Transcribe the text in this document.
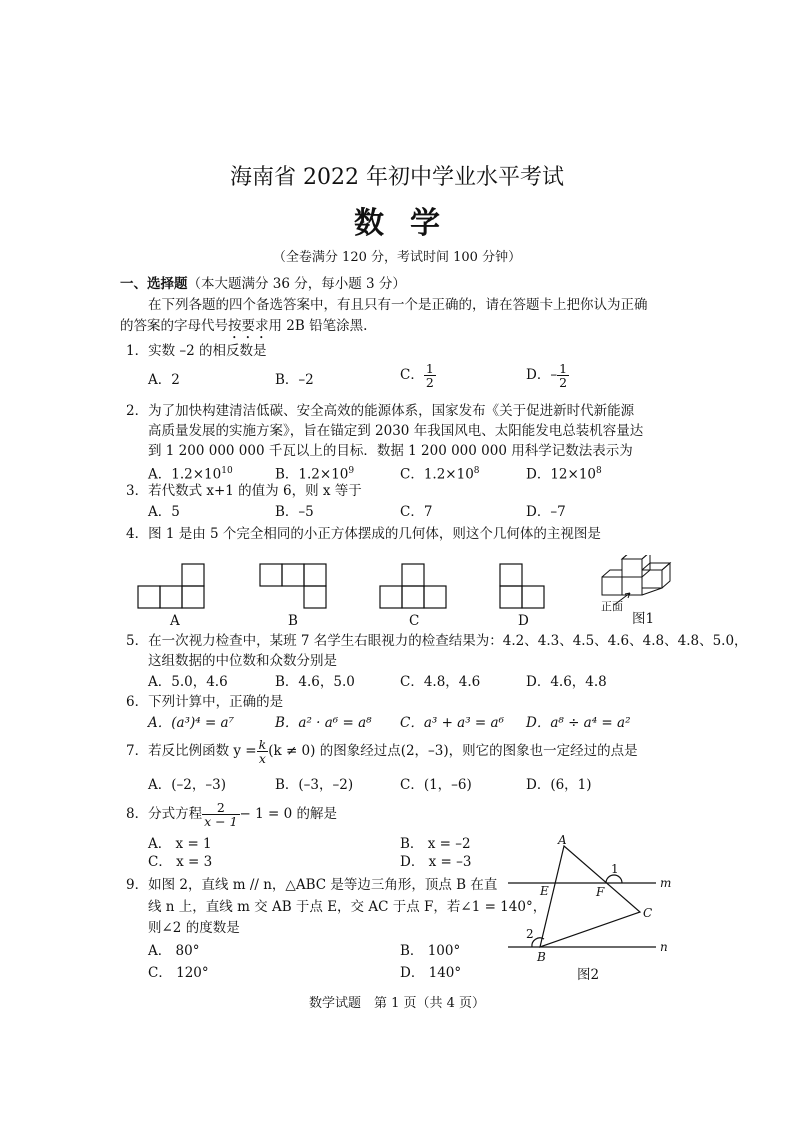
海南省 2022 年初中学业水平考试
数学
（全卷满分 120 分，考试时间 100 分钟）
一、选择题（本大题满分 36 分，每小题 3 分）
在下列各题的四个备选答案中，有且只有一个是正确的，请在答题卡上把你认为正确
的答案的字母代号按要求用 2B 铅笔涂黑.
1．实数 –2 的相反数是
A．2	B．–2	C． $\frac{1}{2}$	D．– $\frac{1}{2}$
2．为了加快构建清洁低碳、安全高效的能源体系，国家发布《关于促进新时代新能源
高质量发展的实施方案》，旨在锚定到 2030 年我国风电、太阳能发电总装机容量达
到 1 200 000 000 千瓦以上的目标．数据 1 200 000 000 用科学记数法表示为
A．$1.2\times 10^{10}$	B．$1.2\times 10^9$	C．$1.2\times 10^8$	D．$12\times 10^8$
3．若代数式 x+1 的值为 6，则 x 等于
A．5	B．–5	C．7	D．–7
4．图 1 是由 5 个完全相同的小正方体摆成的几何体，则这个几何体的主视图是
A	B	C	D
正面
图1
5．在一次视力检查中，某班 7 名学生右眼视力的检查结果为：4.2、4.3、4.5、4.6、4.8、4.8、5.0，
这组数据的中位数和众数分别是
A．5.0，4.6	B．4.6，5.0	C．4.8，4.6	D．4.6，4.8
6．下列计算中，正确的是
A．(a³)⁴ = a⁷	B．a² · a⁶ = a⁸ C．a³ + a³ = a⁶ D．a⁸ ÷ a⁴ = a²
7．若反比例函数 $y = \frac{k}{x} (k \ne 0)$ 的图象经过点(2，–3)，则它的图象也一定经过的点是
A．(–2，–3)	B．(–3，–2)	C．(1，–6)	D．(6，1)
8．分式方程 $\frac{2}{x - 1} - 1 = 0$ 的解是
A． x = 1	B． x = –2
C． x = 3	D． x = –3
9．如图 2，直线 m // n，△ABC 是等边三角形，顶点 B 在直
线 n 上，直线 m 交 AB 于点 E，交 AC 于点 F，若∠1 = 140°，
则∠2 的度数是
A． 80°	B． 100°
C． 120°	D． 140°
A
B
C
E	F
m
n
1
2
图2
数学试题　第 1 页（共 4 页）
